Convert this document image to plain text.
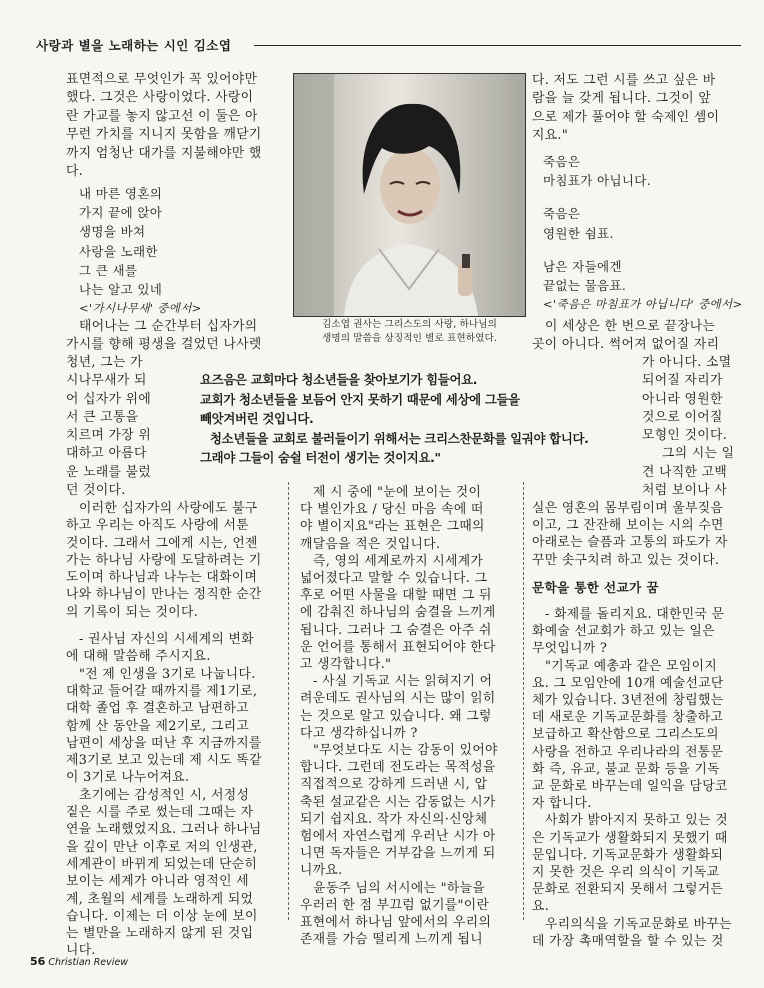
사랑과 별을 노래하는 시인 김소엽

표면적으로 무엇인가 꼭 있어야만
했다. 그것은 사랑이었다. 사랑이
란 가교를 놓지 않고선 이 둘은 아
무런 가치를 지니지 못함을 깨닫기
까지 엄청난 대가를 지불해야만 했
다.

내 마른 영혼의
가지 끝에 앉아
생명을 바쳐
사랑을 노래한
그 큰 새를
나는 알고 있네
<'가시나무새' 중에서>

태어나는 그 순간부터 십자가의

가시를 향해 평생을 걸었던 나사렛

청년, 그는 가
시나무새가 되
어 십자가 위에
서 큰 고통을
치르며 가장 위
대하고 아름다
운 노래를 불렀
던 것이다.

이러한 십자가의 사랑에도 불구

하고 우리는 아직도 사랑에 서툰

것이다. 그래서 그에게 시는, 언젠

가는 하나님 사랑에 도달하려는 기

도이며 하나님과 나누는 대화이며

나와 하나님이 만나는 정직한 순간

의 기록이 되는 것이다.

- 권사님 자신의 시세계의 변화

에 대해 말씀해 주시지요.

"전 제 인생을 3기로 나눕니다.

대학교 들어갈 때까지를 제1기로,

대학 졸업 후 결혼하고 남편하고

함께 산 동안을 제2기로, 그리고

남편이 세상을 떠난 후 지금까지를

제3기로 보고 있는데 제 시도 똑같

이 3기로 나누어져요.

초기에는 감성적인 시, 서정성

짙은 시를 주로 썼는데 그때는 자

연을 노래했었지요. 그러나 하나님

을 깊이 만난 이후로 저의 인생관,

세계관이 바뀌게 되었는데 단순히

보이는 세계가 아니라 영적인 세

계, 초월의 세계를 노래하게 되었

습니다. 이제는 더 이상 눈에 보이

는 별만을 노래하지 않게 된 것입

니다.

김소엽 권사는 그리스도의 사랑, 하나님의
생명의 말씀을 상징적인 별로 표현하였다.
요즈음은 교회마다 청소년들을 찾아보기가 힘들어요.
교회가 청소년들을 보듬어 안지 못하기 때문에 세상에 그들을
빼앗겨버린 것입니다.
청소년들을 교회로 불러들이기 위해서는 크리스찬문화를 일궈야 합니다.
그래야 그들이 숨쉴 터전이 생기는 것이지요."

제 시 중에 "눈에 보이는 것이

다 별인가요 / 당신 마음 속에 떠

야 별이지요"라는 표현은 그때의

깨달음을 적은 것입니다.

즉, 영의 세계로까지 시세계가

넓어졌다고 말할 수 있습니다. 그

후로 어떤 사물을 대할 때면 그 뒤

에 감춰진 하나님의 숨결을 느끼게

됩니다. 그러나 그 숨결은 아주 쉬

운 언어를 통해서 표현되어야 한다

고 생각합니다."

- 사실 기독교 시는 읽혀지기 어

려운데도 권사님의 시는 많이 읽히

는 것으로 알고 있습니다. 왜 그렇

다고 생각하십니까 ?

"무엇보다도 시는 감동이 있어야

합니다. 그런데 전도라는 목적성을

직접적으로 강하게 드러낸 시, 압

축된 설교같은 시는 감동없는 시가

되기 쉽지요. 작가 자신의·신앙체

험에서 자연스럽게 우러난 시가 아

니면 독자들은 거부감을 느끼게 되

니까요.

윤동주 님의 서시에는 "하늘을

우러러 한 점 부끄럼 없기를"이란

표현에서 하나님 앞에서의 우리의

존재를 가슴 떨리게 느끼게 됩니

다. 저도 그런 시를 쓰고 싶은 바
람을 늘 갖게 됩니다. 그것이 앞
으로 제가 풀어야 할 숙제인 셈이
지요."
죽음은
마침표가 아닙니다.
죽음은
영원한 쉼표.
남은 자들에겐
끝없는 물음표.
<'죽음은 마침표가 아닙니다' 중에서>

이 세상은 한 번으로 끝장나는

곳이 아니다. 썩어져 없어질 자리

가 아니다. 소멸
되어질 자리가
아니라 영원한
것으로 이어질
모형인 것이다.
그의 시는 일
견 나직한 고백
처럼 보이나 사

실은 영혼의 몸부림이며 울부짖음

이고, 그 잔잔해 보이는 시의 수면

아래로는 슬픔과 고통의 파도가 자

꾸만 솟구치려 하고 있는 것이다.

문학을 통한 선교가 꿈

- 화제를 돌리지요. 대한민국 문

화예술 선교회가 하고 있는 일은

무엇입니까 ?

"기독교 예총과 같은 모임이지

요. 그 모임안에 10개 예술선교단

체가 있습니다. 3년전에 창립했는

데 새로운 기독교문화를 창출하고

보급하고 확산함으로 그리스도의

사랑을 전하고 우리나라의 전통문

화 즉, 유교, 불교 문화 등을 기독

교 문화로 바꾸는데 일익을 담당코

자 합니다.

사회가 밝아지지 못하고 있는 것

은 기독교가 생활화되지 못했기 때

문입니다. 기독교문화가 생활화되

지 못한 것은 우리 의식이 기독교

문화로 전환되지 못해서 그렇거든

요.

우리의식을 기독교문화로 바꾸는

데 가장 촉매역할을 할 수 있는 것

56 Christian Review
